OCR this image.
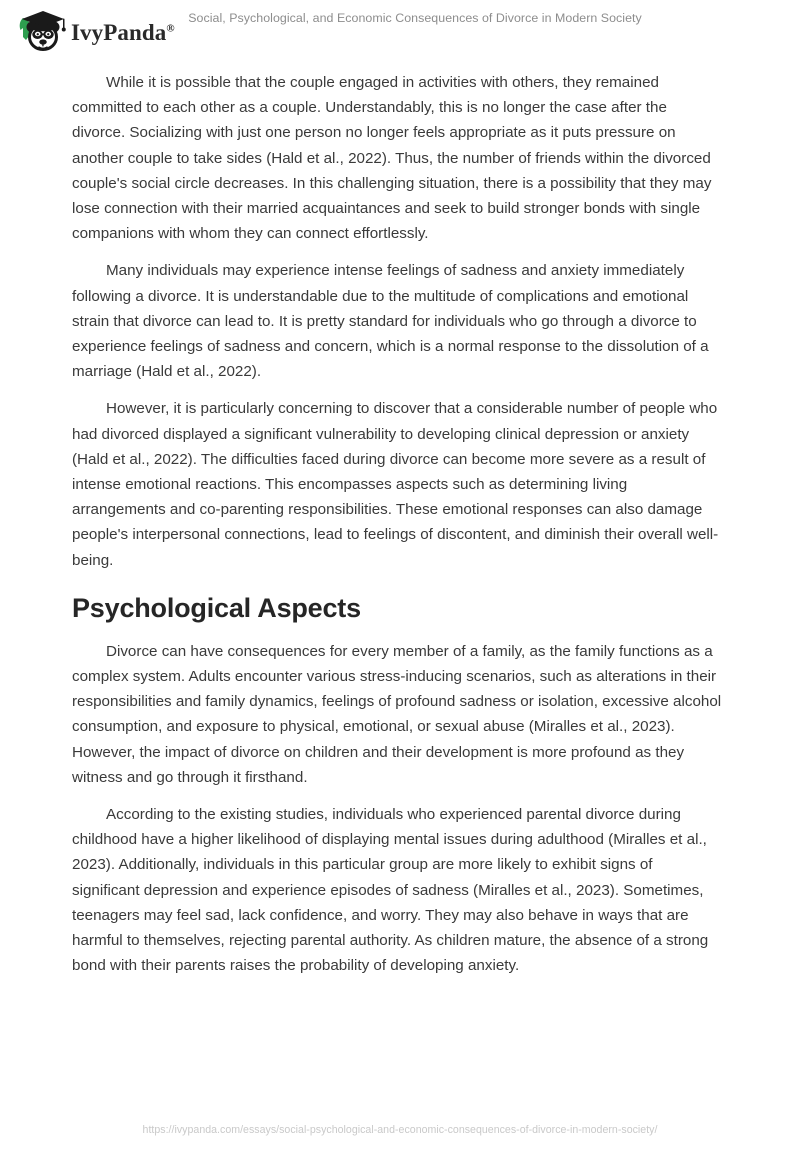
IvyPanda®
Social, Psychological, and Economic Consequences of Divorce in Modern Society

While it is possible that the couple engaged in activities with others, they remained committed to each other as a couple. Understandably, this is no longer the case after the divorce. Socializing with just one person no longer feels appropriate as it puts pressure on another couple to take sides (Hald et al., 2022). Thus, the number of friends within the divorced couple's social circle decreases. In this challenging situation, there is a possibility that they may lose connection with their married acquaintances and seek to build stronger bonds with single companions with whom they can connect effortlessly.

Many individuals may experience intense feelings of sadness and anxiety immediately following a divorce. It is understandable due to the multitude of complications and emotional strain that divorce can lead to. It is pretty standard for individuals who go through a divorce to experience feelings of sadness and concern, which is a normal response to the dissolution of a marriage (Hald et al., 2022).

However, it is particularly concerning to discover that a considerable number of people who had divorced displayed a significant vulnerability to developing clinical depression or anxiety (Hald et al., 2022). The difficulties faced during divorce can become more severe as a result of intense emotional reactions. This encompasses aspects such as determining living arrangements and co-parenting responsibilities. These emotional responses can also damage people's interpersonal connections, lead to feelings of discontent, and diminish their overall well-being.

Psychological Aspects

Divorce can have consequences for every member of a family, as the family functions as a complex system. Adults encounter various stress-inducing scenarios, such as alterations in their responsibilities and family dynamics, feelings of profound sadness or isolation, excessive alcohol consumption, and exposure to physical, emotional, or sexual abuse (Miralles et al., 2023). However, the impact of divorce on children and their development is more profound as they witness and go through it firsthand.

According to the existing studies, individuals who experienced parental divorce during childhood have a higher likelihood of displaying mental issues during adulthood (Miralles et al., 2023). Additionally, individuals in this particular group are more likely to exhibit signs of significant depression and experience episodes of sadness (Miralles et al., 2023). Sometimes, teenagers may feel sad, lack confidence, and worry. They may also behave in ways that are harmful to themselves, rejecting parental authority. As children mature, the absence of a strong bond with their parents raises the probability of developing anxiety.

https://ivypanda.com/essays/social-psychological-and-economic-consequences-of-divorce-in-modern-society/
